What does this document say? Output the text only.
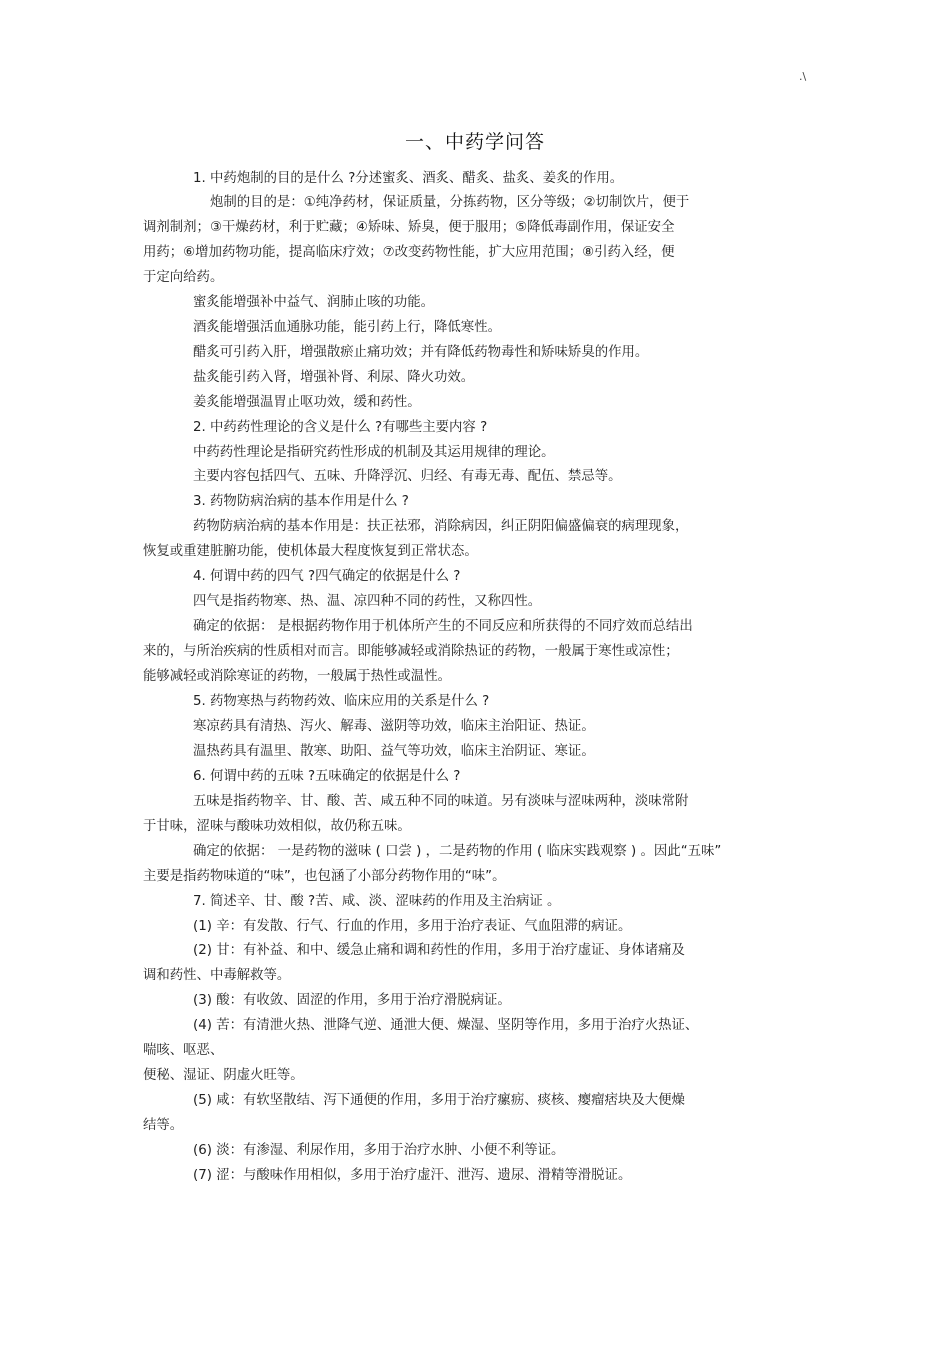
.\
一、中药学问答
1. 中药炮制的目的是什么 ?分述蜜炙、酒炙、醋炙、盐炙、姜炙的作用。
炮制的目的是：①纯净药材，保证质量，分拣药物，区分等级；②切制饮片，便于
调剂制剂；③干燥药材，利于贮藏；④矫味、矫臭，便于服用；⑤降低毒副作用，保证安全
用药；⑥增加药物功能，提高临床疗效；⑦改变药物性能，扩大应用范围；⑧引药入经，便
于定向给药。
蜜炙能增强补中益气、润肺止咳的功能。
酒炙能增强活血通脉功能，能引药上行，降低寒性。
醋炙可引药入肝，增强散瘀止痛功效；并有降低药物毒性和矫味矫臭的作用。
盐炙能引药入肾，增强补肾、利尿、降火功效。
姜炙能增强温胃止呕功效，缓和药性。
2. 中药药性理论的含义是什么 ?有哪些主要内容 ?
中药药性理论是指研究药性形成的机制及其运用规律的理论。
主要内容包括四气、五味、升降浮沉、归经、有毒无毒、配伍、禁忌等。
3. 药物防病治病的基本作用是什么 ?
药物防病治病的基本作用是：扶正祛邪，消除病因，纠正阴阳偏盛偏衰的病理现象，
恢复或重建脏腑功能，使机体最大程度恢复到正常状态。
4. 何谓中药的四气 ?四气确定的依据是什么 ?
四气是指药物寒、热、温、凉四种不同的药性，又称四性。
确定的依据： 是根据药物作用于机体所产生的不同反应和所获得的不同疗效而总结出
来的，与所治疾病的性质相对而言。即能够减轻或消除热证的药物，一般属于寒性或凉性；
能够减轻或消除寒证的药物，一般属于热性或温性。
5. 药物寒热与药物药效、临床应用的关系是什么 ?
寒凉药具有清热、泻火、解毒、滋阴等功效，临床主治阳证、热证。
温热药具有温里、散寒、助阳、益气等功效，临床主治阴证、寒证。
6. 何谓中药的五味 ?五味确定的依据是什么 ?
五味是指药物辛、甘、酸、苦、咸五种不同的味道。另有淡味与涩味两种，淡味常附
于甘味，涩味与酸味功效相似，故仍称五味。
确定的依据： 一是药物的滋味 ( 口尝 ) ，二是药物的作用 ( 临床实践观察 ) 。因此“五味”
主要是指药物味道的“味”，也包涵了小部分药物作用的“味”。
7. 简述辛、甘、酸 ?苦、咸、淡、涩味药的作用及主治病证 。
(1) 辛：有发散、行气、行血的作用，多用于治疗表证、气血阻滞的病证。
(2) 甘：有补益、和中、缓急止痛和调和药性的作用，多用于治疗虚证、身体诸痛及
调和药性、中毒解救等。
(3) 酸：有收敛、固涩的作用，多用于治疗滑脱病证。
(4) 苦：有清泄火热、泄降气逆、通泄大便、燥湿、坚阴等作用，多用于治疗火热证、
喘咳、呕恶、
便秘、湿证、阴虚火旺等。
(5) 咸：有软坚散结、泻下通便的作用，多用于治疗瘰疬、痰核、瘿瘤痞块及大便燥
结等。
(6) 淡：有渗湿、利尿作用，多用于治疗水肿、小便不利等证。
(7) 涩：与酸味作用相似，多用于治疗虚汗、泄泻、遗尿、滑精等滑脱证。
